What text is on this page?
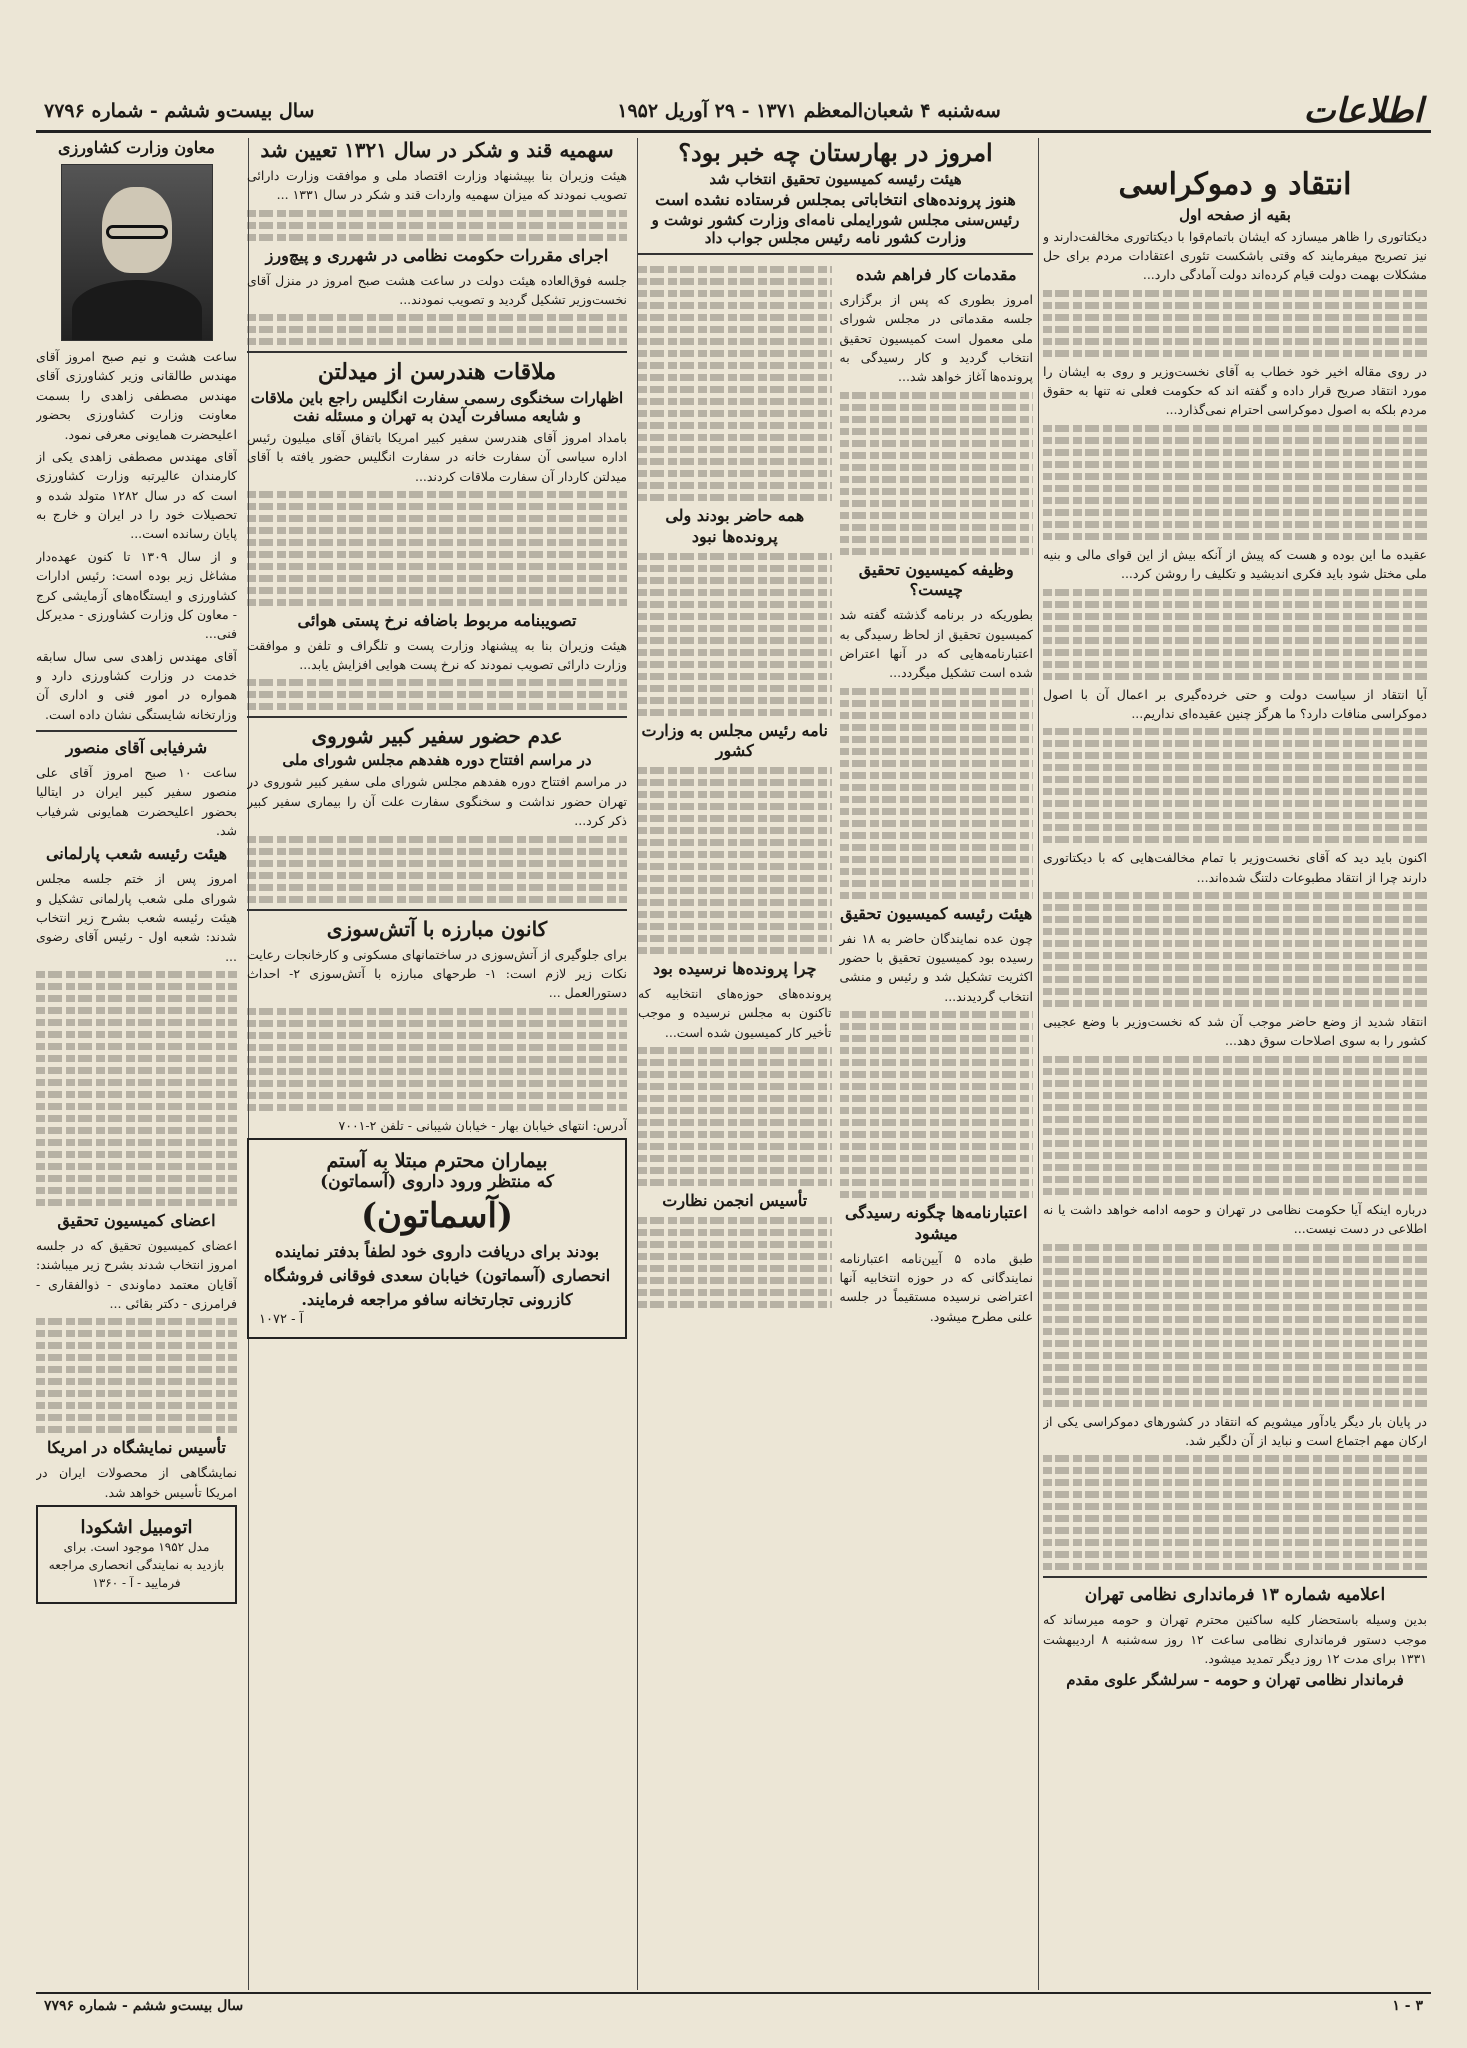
اطلاعات
سه‌شنبه ۴ شعبان‌المعظم ۱۳۷۱ - ۲۹ آوریل ۱۹۵۲
سال بیست‌و ششم - شماره ۷۷۹۶
انتقاد و دموکراسی
بقیه از صفحه اول
دیکتاتوری را ظاهر میسازد که ایشان باتمام‌قوا با دیکتاتوری مخالفت‌دارند و نیز تصریح میفرمایند که وقتی باشکست تئوری اعتقادات مردم برای حل مشکلات بهمت دولت قیام کرده‌اند دولت آمادگی دارد...
در روی مقاله اخیر خود خطاب به آقای نخست‌وزیر و روی به ایشان را مورد انتقاد صریح قرار داده و گفته اند که حکومت فعلی نه تنها به حقوق مردم بلکه به اصول دموکراسی احترام نمی‌گذارد...
عقیده ما این بوده و هست که پیش از آنکه بیش از این قوای مالی و بنیه ملی مختل شود باید فکری اندیشید و تکلیف را روشن کرد...
آیا انتقاد از سیاست دولت و حتی خرده‌گیری بر اعمال آن با اصول دموکراسی منافات دارد؟ ما هرگز چنین عقیده‌ای نداریم...
اکنون باید دید که آقای نخست‌وزیر با تمام مخالفت‌هایی که با دیکتاتوری دارند چرا از انتقاد مطبوعات دلتنگ شده‌اند...
انتقاد شدید از وضع حاضر موجب آن شد که نخست‌وزیر با وضع عجیبی کشور را به سوی اصلاحات سوق دهد...
درباره اینکه آیا حکومت نظامی در تهران و حومه ادامه خواهد داشت یا نه اطلاعی در دست نیست...
در پایان بار دیگر یادآور میشویم که انتقاد در کشورهای دموکراسی یکی از ارکان مهم اجتماع است و نباید از آن دلگیر شد.
اعلامیه شماره ۱۳ فرمانداری نظامی تهران
بدین وسیله باستحضار کلیه ساکنین محترم تهران و حومه میرساند که موجب دستور فرمانداری نظامی ساعت ۱۲ روز سه‌شنبه ۸ اردیبهشت ۱۳۳۱ برای مدت ۱۲ روز دیگر تمدید میشود.
فرماندار نظامی تهران و حومه - سرلشگر علوی مقدم
امروز در بهارستان چه خبر بود؟
هیئت رئیسه کمیسیون تحقیق انتخاب شد
هنوز پرونده‌های انتخاباتی بمجلس فرستاده نشده است
رئیس‌سنی مجلس شورایملی نامه‌ای وزارت کشور نوشت و وزارت کشور نامه رئیس مجلس جواب داد
مقدمات کار فراهم شده
امروز بطوری که پس از برگزاری جلسه مقدماتی در مجلس شورای ملی معمول است کمیسیون تحقیق انتخاب گردید و کار رسیدگی به پرونده‌ها آغاز خواهد شد...
وظیفه کمیسیون تحقیق چیست؟
بطوریکه در برنامه گذشته گفته شد کمیسیون تحقیق از لحاظ رسیدگی به اعتبارنامه‌هایی که در آنها اعتراض شده است تشکیل میگردد...
هیئت رئیسه کمیسیون تحقیق
چون عده نمایندگان حاضر به ۱۸ نفر رسیده بود کمیسیون تحقیق با حضور اکثریت تشکیل شد و رئیس و منشی انتخاب گردیدند...
اعتبارنامه‌ها چگونه رسیدگی میشود
طبق ماده ۵ آیین‌نامه اعتبارنامه نمایندگانی که در حوزه انتخابیه آنها اعتراضی نرسیده مستقیماً در جلسه علنی مطرح میشود.
همه حاضر بودند ولی پرونده‌ها نبود
نامه رئیس مجلس به وزارت کشور
چرا پرونده‌ها نرسیده بود
پرونده‌های حوزه‌های انتخابیه که تاکنون به مجلس نرسیده و موجب تأخیر کار کمیسیون شده است...
تأسیس انجمن نظارت
سهمیه قند و شکر در سال ۱۳۲۱ تعیین شد
هیئت وزیران بنا بپیشنهاد وزارت اقتصاد ملی و موافقت وزارت دارائی تصویب نمودند که میزان سهمیه واردات قند و شکر در سال ۱۳۳۱ ...
اجرای مقررات حکومت نظامی در شهرری و پیچ‌ورز
جلسه فوق‌العاده هیئت دولت در ساعت هشت صبح امروز در منزل آقای نخست‌وزیر تشکیل گردید و تصویب نمودند...
ملاقات هندرسن از میدلتن
اظهارات سخنگوی رسمی سفارت انگلیس راجع باین ملاقات و شایعه مسافرت آیدن به تهران و مسئله نفت
بامداد امروز آقای هندرسن سفیر کبیر امریکا باتفاق آقای میلیون رئیس اداره سیاسی آن سفارت خانه در سفارت انگلیس حضور یافته با آقای میدلتن کاردار آن سفارت ملاقات کردند...
تصویبنامه مربوط باضافه نرخ پستی هوائی
هیئت وزیران بنا به پیشنهاد وزارت پست و تلگراف و تلفن و موافقت وزارت دارائی تصویب نمودند که نرخ پست هوایی افزایش یابد...
عدم حضور سفیر کبیر شوروی
در مراسم افتتاح دوره هفدهم مجلس شورای ملی
در مراسم افتتاح دوره هفدهم مجلس شورای ملی سفیر کبیر شوروی در تهران حضور نداشت و سخنگوی سفارت علت آن را بیماری سفیر کبیر ذکر کرد...
کانون مبارزه با آتش‌سوزی
برای جلوگیری از آتش‌سوزی در ساختمانهای مسکونی و کارخانجات رعایت نکات زیر لازم است: ۱- طرحهای مبارزه با آتش‌سوزی ۲- احداث دستورالعمل ...
آدرس: انتهای خیابان بهار - خیابان شیبانی - تلفن ۲-۷۰۰۱
بیماران محترم مبتلا به آستم
که منتظر ورود داروی (آسماتون)
(آسماتون)
بودند برای دریافت داروی خود لطفاً بدفتر نماینده انحصاری (آسماتون) خیابان سعدی فوقانی فروشگاه کازرونی تجارتخانه سافو مراجعه فرمایند.
آ - ۱۰۷۲
معاون وزارت کشاورزی
ساعت هشت و نیم صبح امروز آقای مهندس طالقانی وزیر کشاورزی آقای مهندس مصطفی زاهدی را بسمت معاونت وزارت کشاورزی بحضور اعلیحضرت همایونی معرفی نمود.
آقای مهندس مصطفی زاهدی یکی از کارمندان عالیرتبه وزارت کشاورزی است که در سال ۱۲۸۲ متولد شده و تحصیلات خود را در ایران و خارج به پایان رسانده است...
و از سال ۱۳۰۹ تا کنون عهده‌دار مشاغل زیر بوده است: رئیس ادارات کشاورزی و ایستگاه‌های آزمایشی کرج - معاون کل وزارت کشاورزی - مدیرکل فنی...
آقای مهندس زاهدی سی سال سابقه خدمت در وزارت کشاورزی دارد و همواره در امور فنی و اداری آن وزارتخانه شایستگی نشان داده است.
شرفیابی آقای منصور
ساعت ۱۰ صبح امروز آقای علی منصور سفیر کبیر ایران در ایتالیا بحضور اعلیحضرت همایونی شرفیاب شد.
هیئت رئیسه شعب پارلمانی
امروز پس از ختم جلسه مجلس شورای ملی شعب پارلمانی تشکیل و هیئت رئیسه شعب بشرح زیر انتخاب شدند: شعبه اول - رئیس آقای رضوی ...
اعضای کمیسیون تحقیق
اعضای کمیسیون تحقیق که در جلسه امروز انتخاب شدند بشرح زیر میباشند: آقایان معتمد دماوندی - ذوالفقاری - فرامرزی - دکتر بقائی ...
تأسیس نمایشگاه در امریکا
نمایشگاهی از محصولات ایران در امریکا تأسیس خواهد شد.
اتومبیل اشکودا
مدل ۱۹۵۲ موجود است. برای بازدید به نمایندگی انحصاری مراجعه فرمایید - آ - ۱۳۶۰
۳ - ۱
سال بیست‌و ششم - شماره ۷۷۹۶
